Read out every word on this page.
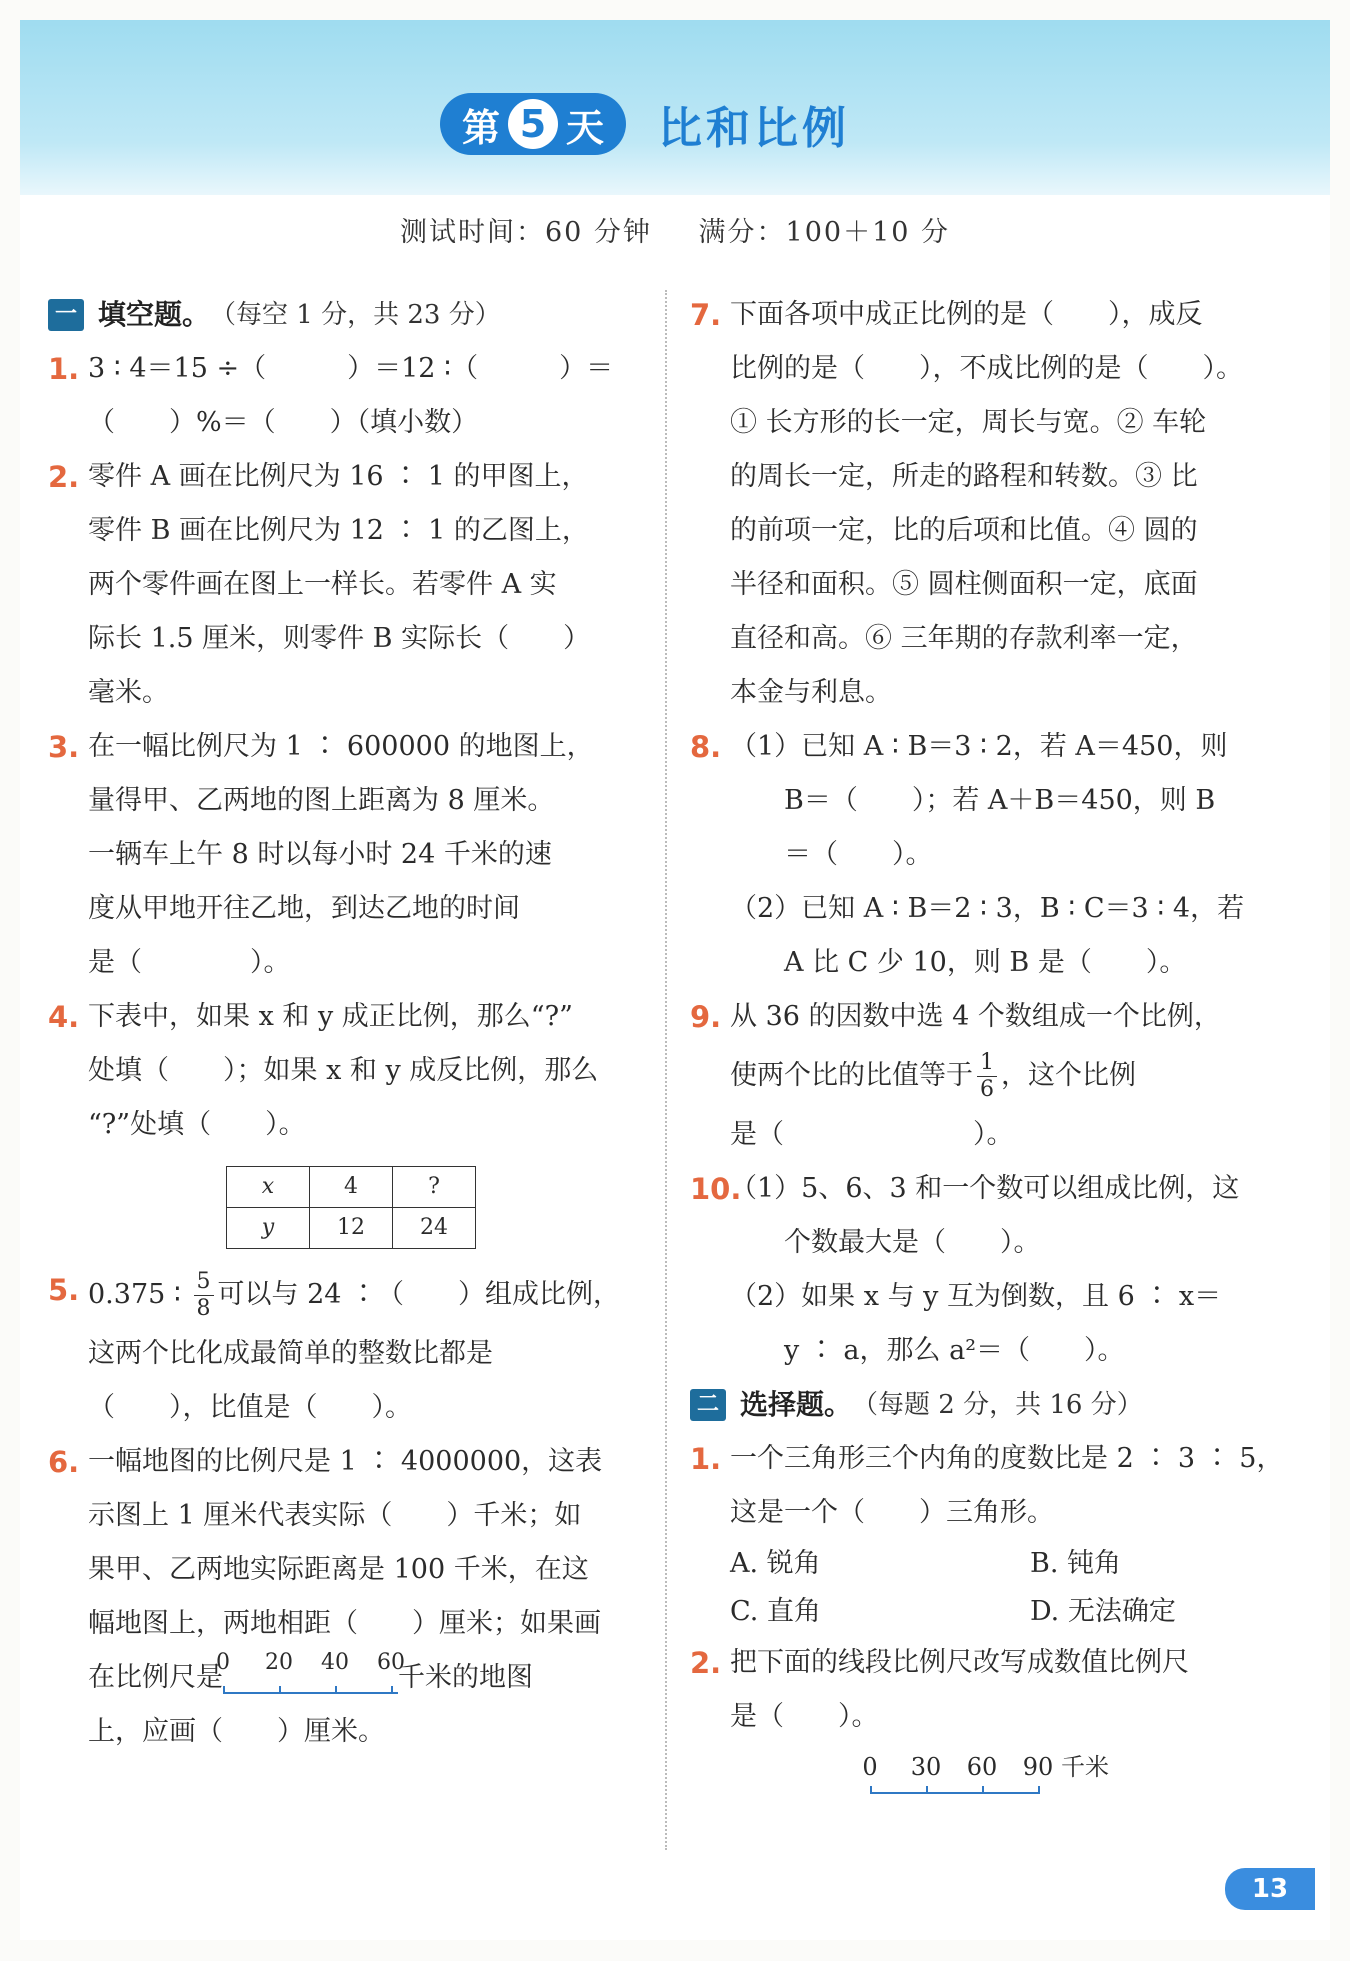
第 5 天 比和比例
测试时间：60 分钟 满分：100＋10 分
一 填空题。 （每空 1 分，共 23 分）
1. 3 ∶ 4＝15 ÷（　　　）＝12 ∶（　　　）＝
（　　）%＝（　　）（填小数）
2. 零件 A 画在比例尺为 16 ∶ 1 的甲图上，
零件 B 画在比例尺为 12 ∶ 1 的乙图上，
两个零件画在图上一样长。若零件 A 实
际长 1.5 厘米，则零件 B 实际长（　　）
毫米。
3. 在一幅比例尺为 1 ∶ 600000 的地图上，
量得甲、乙两地的图上距离为 8 厘米。
一辆车上午 8 时以每小时 24 千米的速
度从甲地开往乙地，到达乙地的时间
是（　　　　）。
4. 下表中，如果 x 和 y 成正比例，那么“?”
处填（　　）；如果 x 和 y 成反比例，那么
“?”处填（　　）。
x	4	?
y	12	24
5. 0.375 ∶ $\frac{5}{8}$ 可以与 24 ∶（　　）组成比例，
这两个比化成最简单的整数比都是
（　　），比值是（　　）。
6. 一幅地图的比例尺是 1 ∶ 4000000，这表
示图上 1 厘米代表实际（　　）千米；如
果甲、乙两地实际距离是 100 千米，在这
幅地图上，两地相距（　　）厘米；如果画
在比例尺是
0 20 40 60
千米的地图
上，应画（　　）厘米。
7. 下面各项中成正比例的是（　　），成反
比例的是（　　），不成比例的是（　　）。
① 长方形的长一定，周长与宽。② 车轮
的周长一定，所走的路程和转数。③ 比
的前项一定，比的后项和比值。④ 圆的
半径和面积。⑤ 圆柱侧面积一定，底面
直径和高。⑥ 三年期的存款利率一定，
本金与利息。
8. （1）已知 A ∶ B＝3 ∶ 2，若 A＝450，则
　　B＝（　　）；若 A＋B＝450，则 B
　　＝（　　）。
（2）已知 A ∶ B＝2 ∶ 3，B ∶ C＝3 ∶ 4，若
　　A 比 C 少 10，则 B 是（　　）。
9. 从 36 的因数中选 4 个数组成一个比例，
使两个比的比值等于 $\frac{1}{6}$ ，这个比例
是（　　　　　　　）。
10.
（1）5、6、3 和一个数可以组成比例，这
　　个数最大是（　　）。
（2）如果 x 与 y 互为倒数，且 6 ∶ x＝
　　y ∶ a，那么 a²＝（　　）。
二 选择题。 （每题 2 分，共 16 分）
1. 一个三角形三个内角的度数比是 2 ∶ 3 ∶ 5，
这是一个（　　）三角形。
A. 锐角	B. 钝角
C. 直角	D. 无法确定
2. 把下面的线段比例尺改写成数值比例尺
是（　　）。
0 30 60 90 千米
13
